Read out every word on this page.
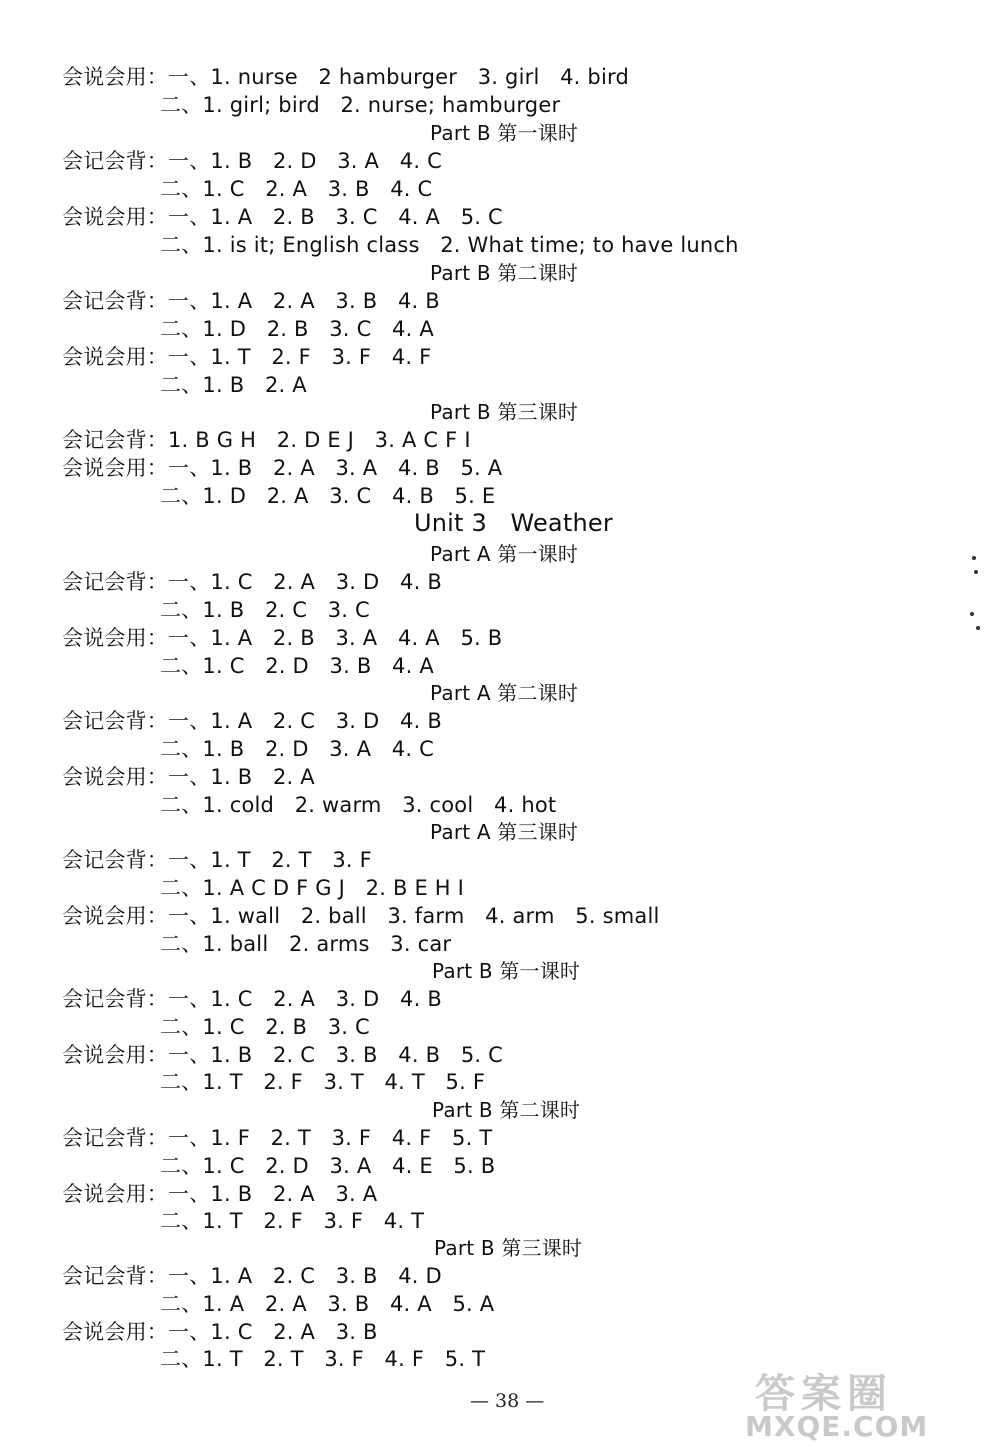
会说会用：一、1. nurse   2 hamburger   3. girl   4. bird
二、1. girl; bird   2. nurse; hamburger
Part B 第一课时
会记会背：一、1. B   2. D   3. A   4. C
二、1. C   2. A   3. B   4. C
会说会用：一、1. A   2. B   3. C   4. A   5. C
二、1. is it; English class   2. What time; to have lunch
Part B 第二课时
会记会背：一、1. A   2. A   3. B   4. B
二、1. D   2. B   3. C   4. A
会说会用：一、1. T   2. F   3. F   4. F
二、1. B   2. A
Part B 第三课时
会记会背：1. B G H   2. D E J   3. A C F I
会说会用：一、1. B   2. A   3. A   4. B   5. A
二、1. D   2. A   3. C   4. B   5. E
Unit 3   Weather
Part A 第一课时
会记会背：一、1. C   2. A   3. D   4. B
二、1. B   2. C   3. C
会说会用：一、1. A   2. B   3. A   4. A   5. B
二、1. C   2. D   3. B   4. A
Part A 第二课时
会记会背：一、1. A   2. C   3. D   4. B
二、1. B   2. D   3. A   4. C
会说会用：一、1. B   2. A
二、1. cold   2. warm   3. cool   4. hot
Part A 第三课时
会记会背：一、1. T   2. T   3. F
二、1. A C D F G J   2. B E H I
会说会用：一、1. wall   2. ball   3. farm   4. arm   5. small
二、1. ball   2. arms   3. car
Part B 第一课时
会记会背：一、1. C   2. A   3. D   4. B
二、1. C   2. B   3. C
会说会用：一、1. B   2. C   3. B   4. B   5. C
二、1. T   2. F   3. T   4. T   5. F
Part B 第二课时
会记会背：一、1. F   2. T   3. F   4. F   5. T
二、1. C   2. D   3. A   4. E   5. B
会说会用：一、1. B   2. A   3. A
二、1. T   2. F   3. F   4. T
Part B 第三课时
会记会背：一、1. A   2. C   3. B   4. D
二、1. A   2. A   3. B   4. A   5. A
会说会用：一、1. C   2. A   3. B
二、1. T   2. T   3. F   4. F   5. T
— 38 —	答案圈
MXQE.COM
